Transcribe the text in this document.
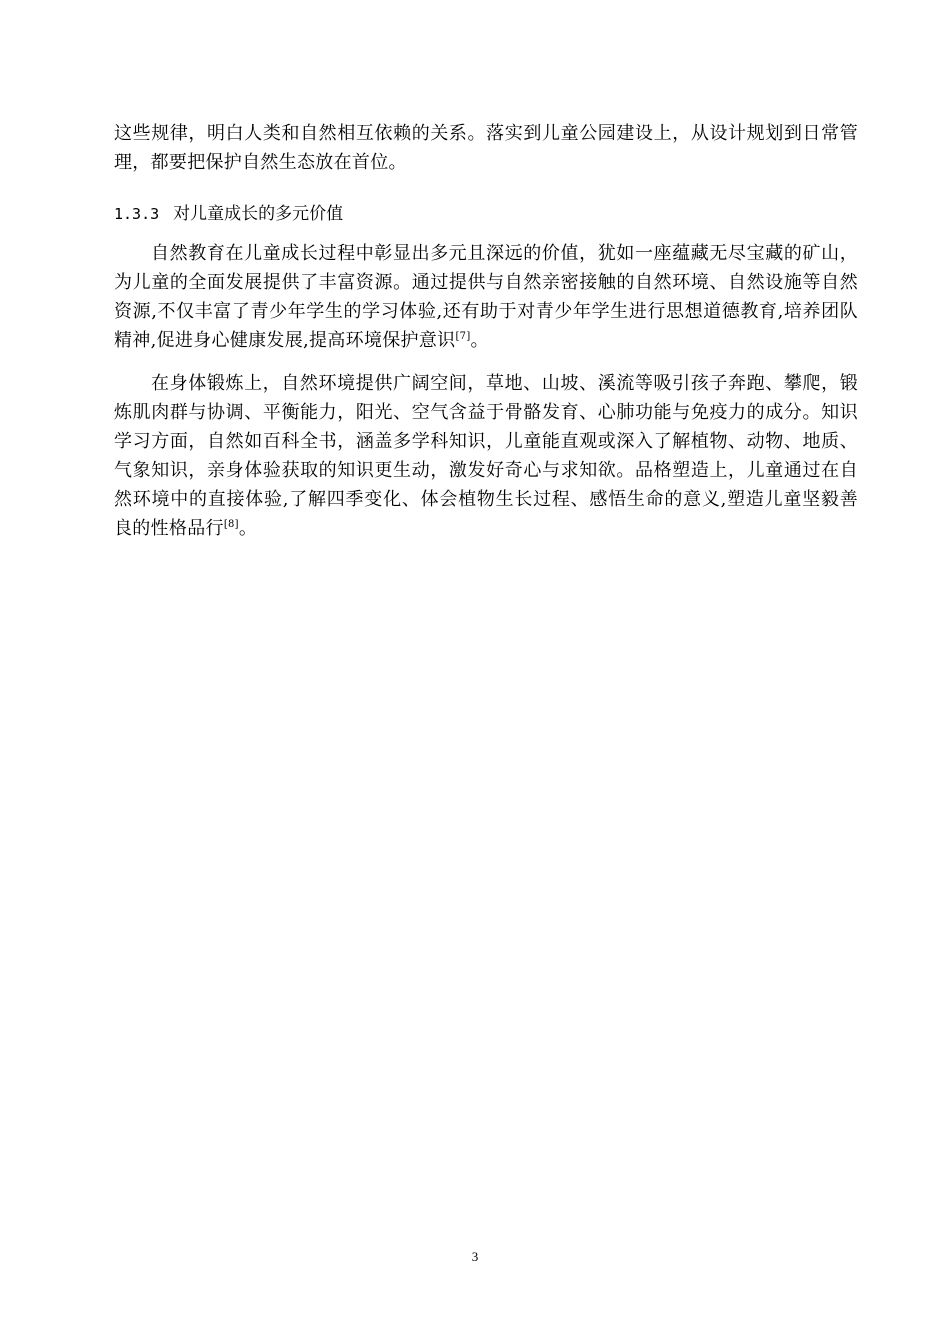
这些规律，明白人类和自然相互依赖的关系。落实到儿童公园建设上，从设计规划到日常管理，都要把保护自然生态放在首位。

1.3.3 对儿童成长的多元价值

自然教育在儿童成长过程中彰显出多元且深远的价值，犹如一座蕴藏无尽宝藏的矿山，为儿童的全面发展提供了丰富资源。通过提供与自然亲密接触的自然环境、自然设施等自然资源,不仅丰富了青少年学生的学习体验,还有助于对青少年学生进行思想道德教育,培养团队精神,促进身心健康发展,提高环境保护意识[7]。

在身体锻炼上，自然环境提供广阔空间，草地、山坡、溪流等吸引孩子奔跑、攀爬，锻炼肌肉群与协调、平衡能力，阳光、空气含益于骨骼发育、心肺功能与免疫力的成分。知识学习方面，自然如百科全书，涵盖多学科知识，儿童能直观或深入了解植物、动物、地质、气象知识，亲身体验获取的知识更生动，激发好奇心与求知欲。品格塑造上，儿童通过在自然环境中的直接体验,了解四季变化、体会植物生长过程、感悟生命的意义,塑造儿童坚毅善良的性格品行[8]。

3
